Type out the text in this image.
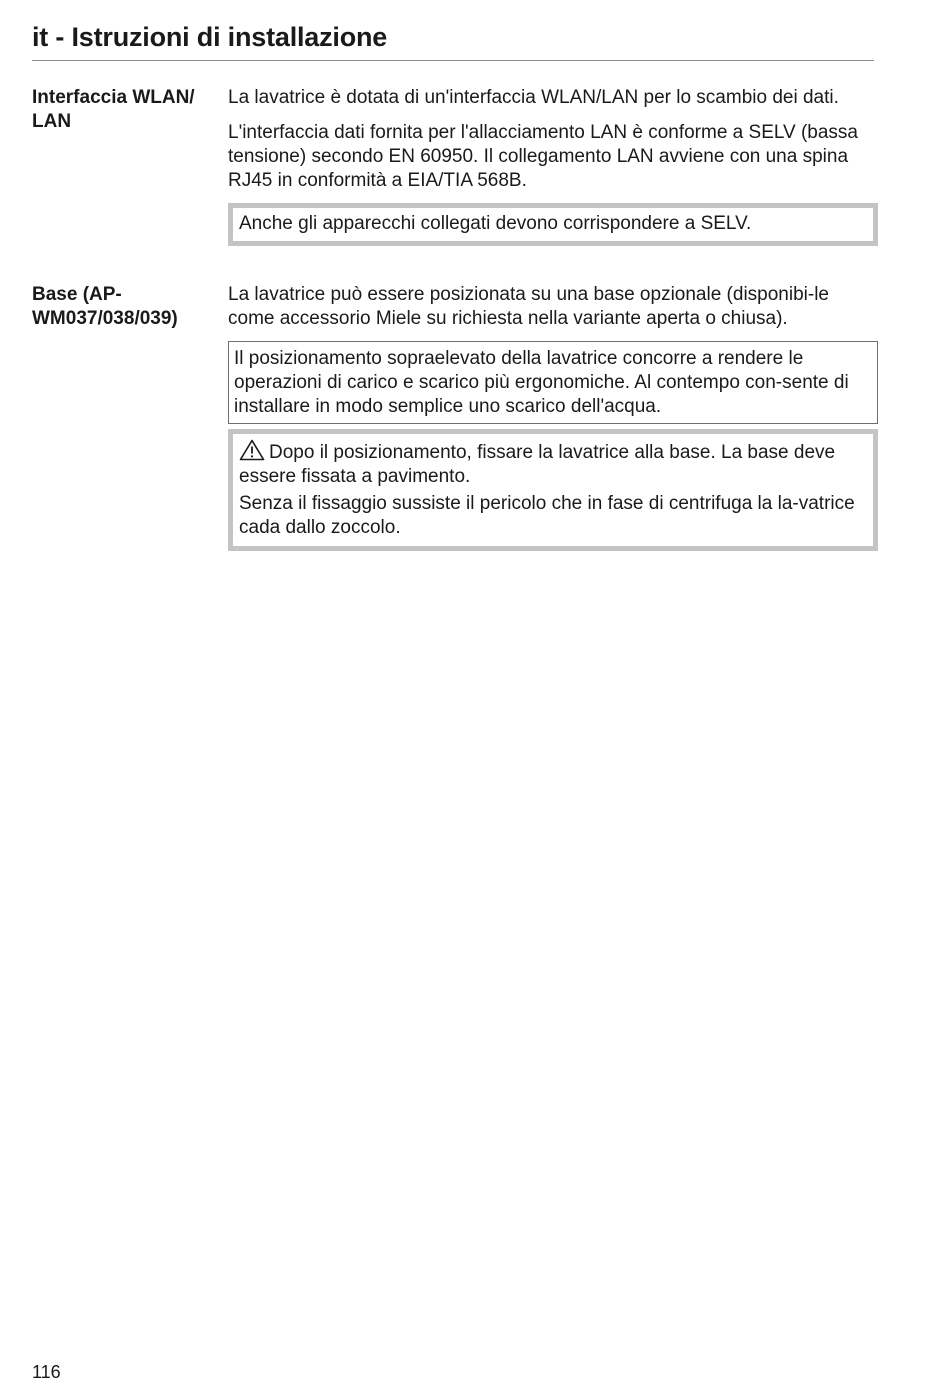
it - Istruzioni di installazione
Interfaccia WLAN/
LAN

La lavatrice è dotata di un'interfaccia WLAN/LAN per lo scambio dei dati.

L'interfaccia dati fornita per l'allacciamento LAN è conforme a SELV (bassa tensione) secondo EN 60950. Il collegamento LAN avviene con una spina RJ45 in conformità a EIA/TIA 568B.

Anche gli apparecchi collegati devono corrispondere a SELV.
Base (AP-
WM037/038/039)

La lavatrice può essere posizionata su una base opzionale (disponibi-le come accessorio Miele su richiesta nella variante aperta o chiusa).

Il posizionamento sopraelevato della lavatrice concorre a rendere le operazioni di carico e scarico più ergonomiche. Al contempo con-sente di installare in modo semplice uno scarico dell'acqua.
Dopo il posizionamento, fissare la lavatrice alla base. La base deve essere fissata a pavimento.
Senza il fissaggio sussiste il pericolo che in fase di centrifuga la la-vatrice cada dallo zoccolo.
116
